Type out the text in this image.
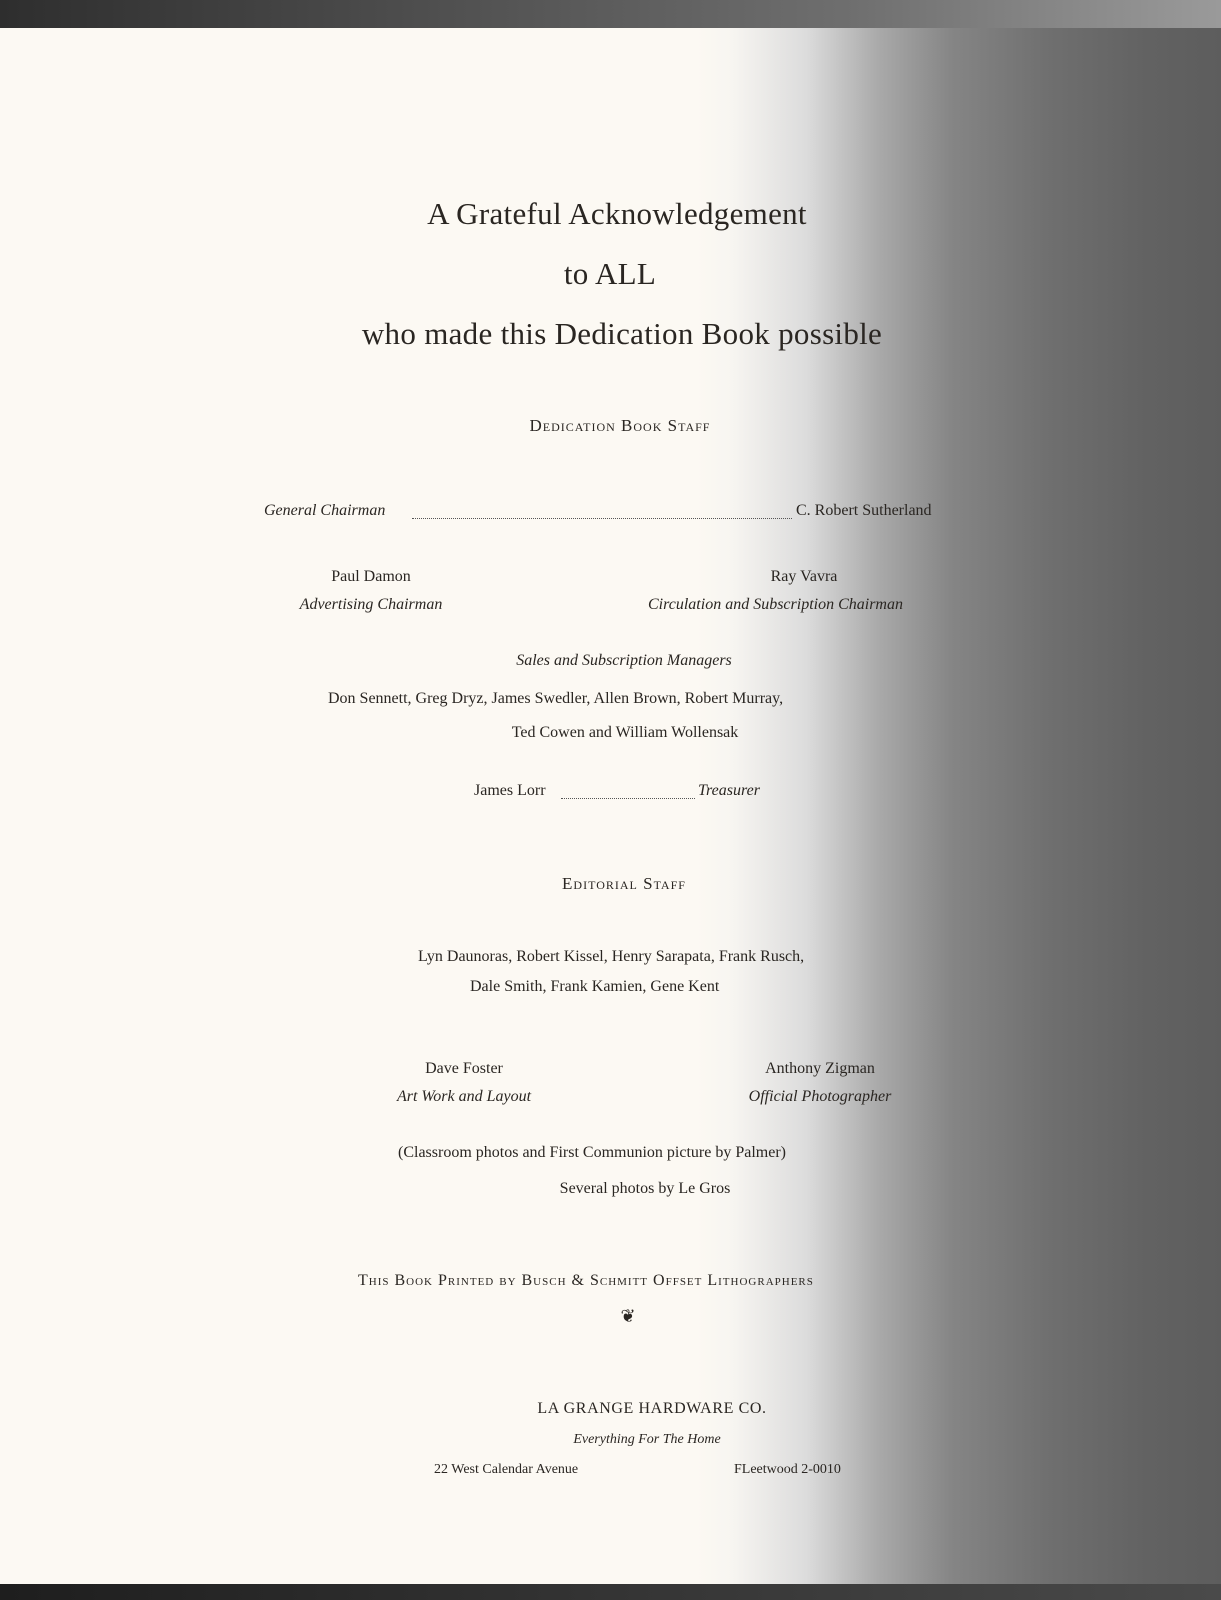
A Grateful Acknowledgement
to ALL
who made this Dedication Book possible
Dedication Book Staff
General Chairman	C. Robert Sutherland
Paul Damon
Advertising Chairman
Ray Vavra
Circulation and Subscription Chairman
Sales and Subscription Managers
Don Sennett, Greg Dryz, James Swedler, Allen Brown, Robert Murray,
Ted Cowen and William Wollensak
James Lorr	Treasurer
Editorial Staff
Lyn Daunoras, Robert Kissel, Henry Sarapata, Frank Rusch,
Dale Smith, Frank Kamien, Gene Kent
Dave Foster
Art Work and Layout
Anthony Zigman
Official Photographer
(Classroom photos and First Communion picture by Palmer)
Several photos by Le Gros
This Book Printed by Busch & Schmitt Offset Lithographers
❦
LA GRANGE HARDWARE CO.
Everything For The Home
22 West Calendar Avenue	FLeetwood 2-0010
